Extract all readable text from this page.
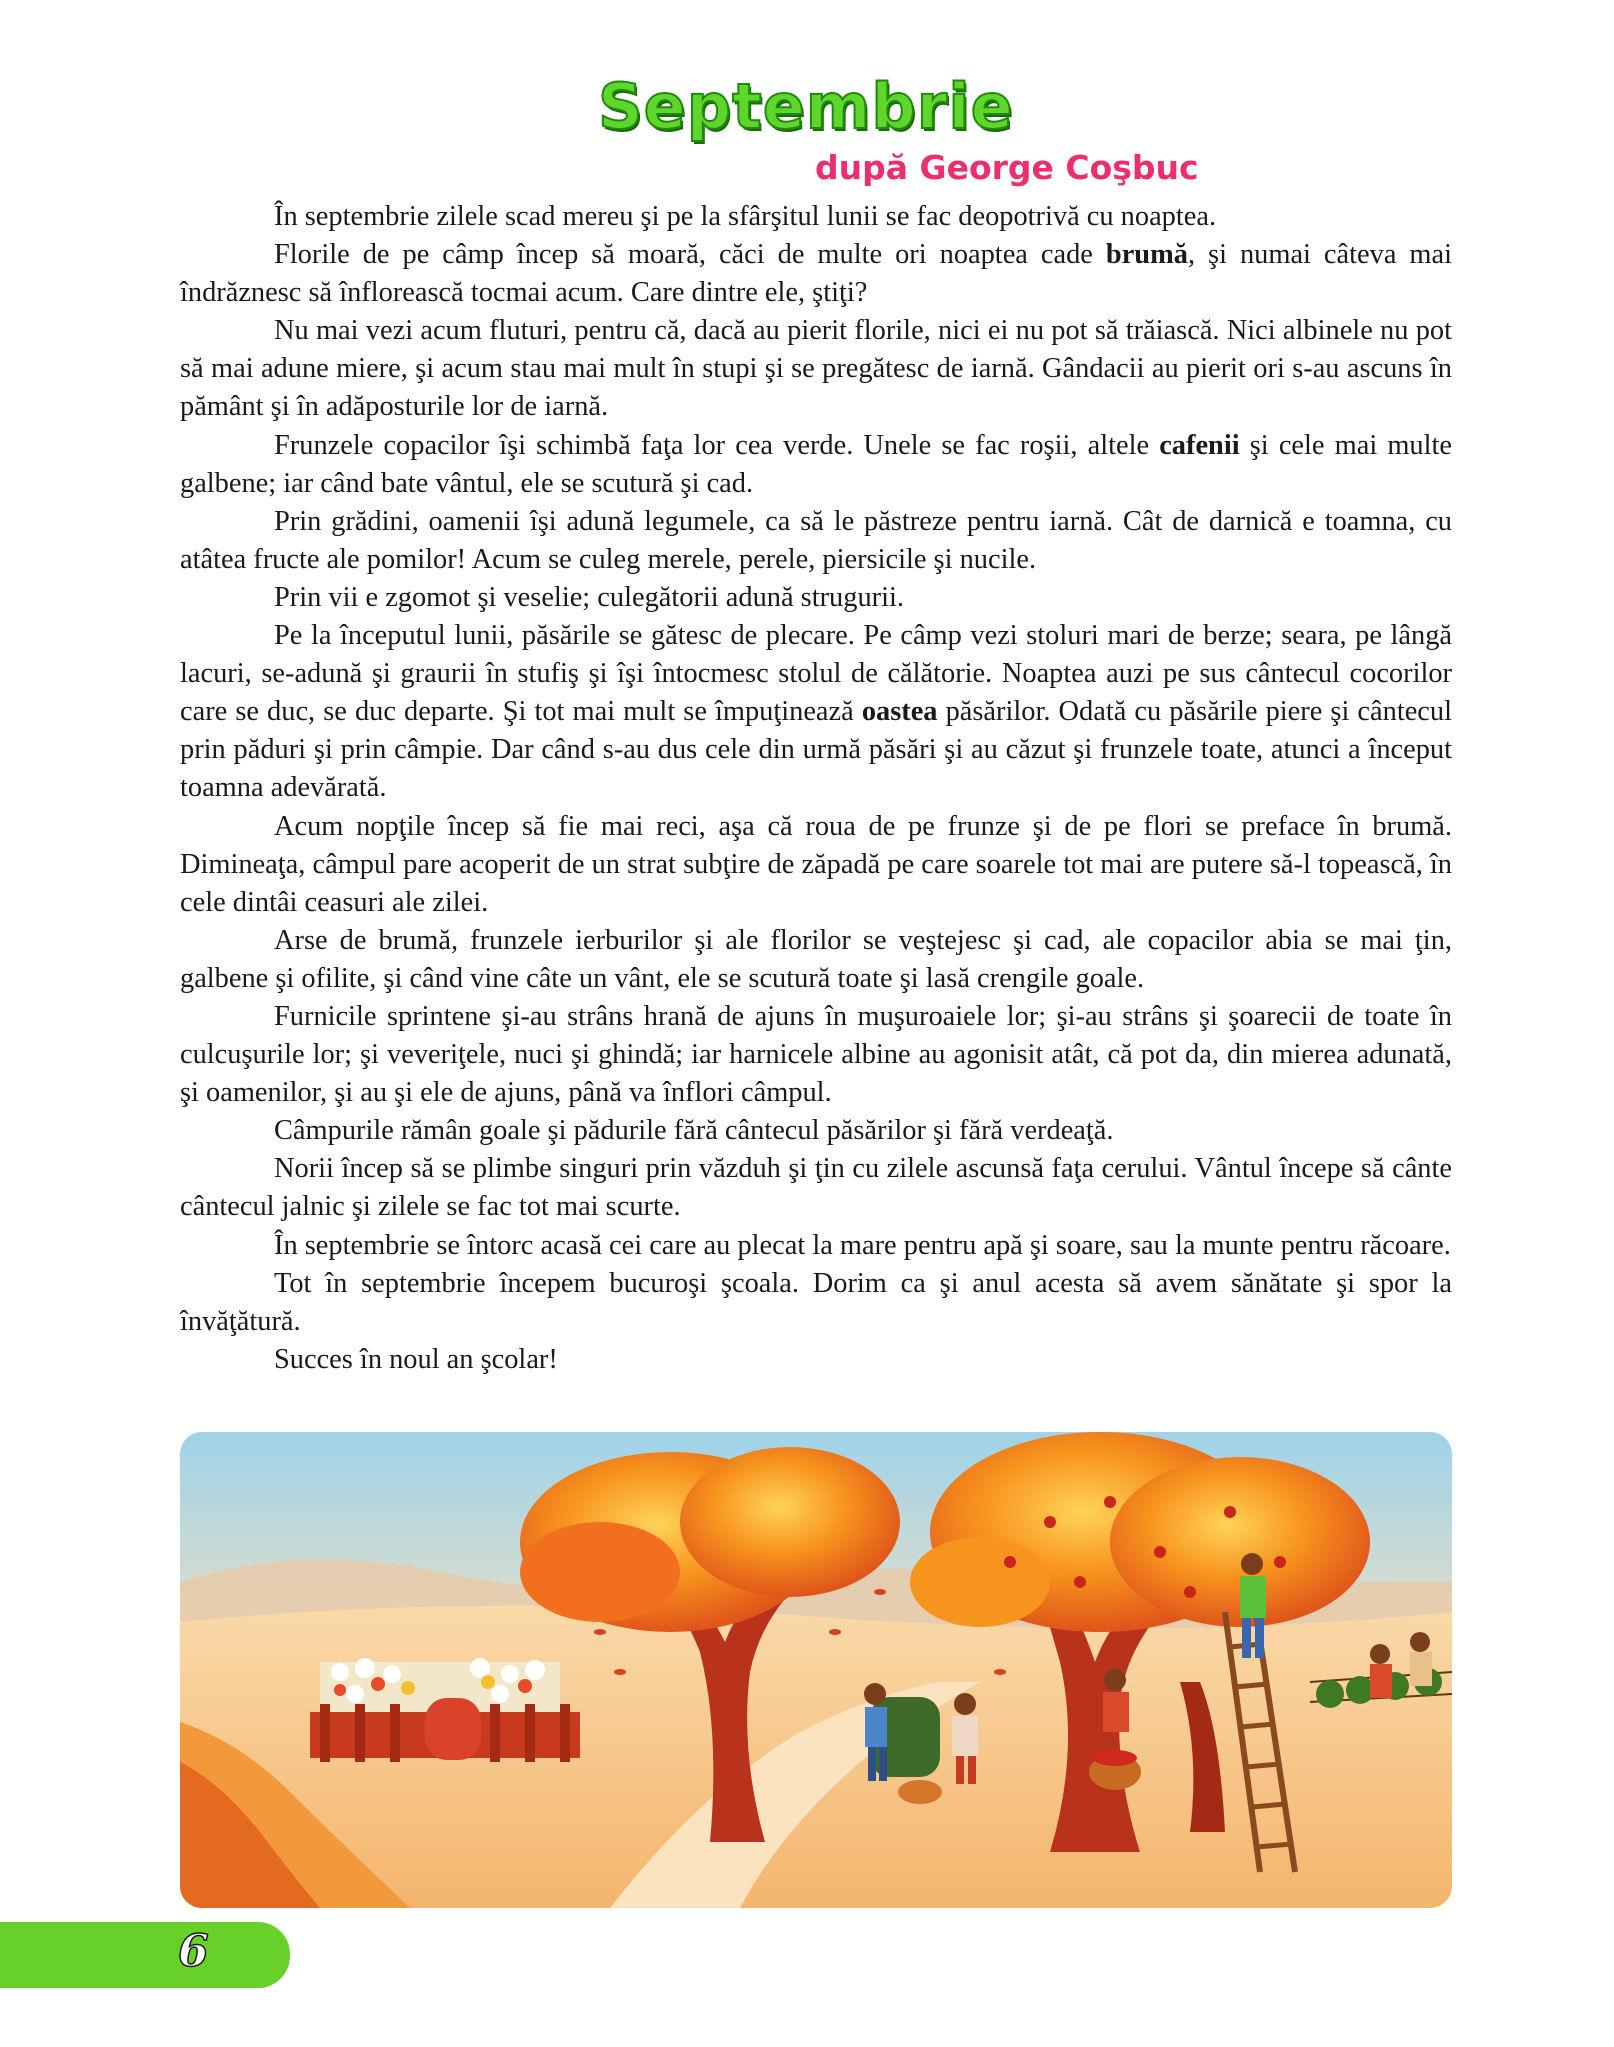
Septembrie
după George Coşbuc

În septembrie zilele scad mereu şi pe la sfârşitul lunii se fac deopotrivă cu noaptea.

Florile de pe câmp încep să moară, căci de multe ori noaptea cade brumă, şi numai câteva mai îndrăznesc să înflorească tocmai acum. Care dintre ele, ştiţi?

Nu mai vezi acum fluturi, pentru că, dacă au pierit florile, nici ei nu pot să trăiască. Nici albinele nu pot să mai adune miere, şi acum stau mai mult în stupi şi se pregătesc de iarnă. Gândacii au pierit ori s-au ascuns în pământ şi în adăposturile lor de iarnă.

Frunzele copacilor îşi schimbă faţa lor cea verde. Unele se fac roşii, altele cafenii şi cele mai multe galbene; iar când bate vântul, ele se scutură şi cad.

Prin grădini, oamenii îşi adună legumele, ca să le păstreze pentru iarnă. Cât de darnică e toamna, cu atâtea fructe ale pomilor! Acum se culeg merele, perele, piersicile şi nucile.

Prin vii e zgomot şi veselie; culegătorii adună strugurii.

Pe la începutul lunii, păsările se gătesc de plecare. Pe câmp vezi stoluri mari de berze; seara, pe lângă lacuri, se-adună şi graurii în stufiş şi îşi întocmesc stolul de călătorie. Noaptea auzi pe sus cântecul cocorilor care se duc, se duc departe. Şi tot mai mult se împuţinează oastea păsărilor. Odată cu păsările piere şi cântecul prin păduri şi prin câmpie. Dar când s-au dus cele din urmă păsări şi au căzut şi frunzele toate, atunci a început toamna adevărată.

Acum nopţile încep să fie mai reci, aşa că roua de pe frunze şi de pe flori se preface în brumă. Dimineaţa, câmpul pare acoperit de un strat subţire de zăpadă pe care soarele tot mai are putere să-l topească, în cele dintâi ceasuri ale zilei.

Arse de brumă, frunzele ierburilor şi ale florilor se veştejesc şi cad, ale copacilor abia se mai ţin, galbene şi ofilite, şi când vine câte un vânt, ele se scutură toate şi lasă crengile goale.

Furnicile sprintene şi-au strâns hrană de ajuns în muşuroaiele lor; şi-au strâns şi şoarecii de toate în culcuşurile lor; şi veveriţele, nuci şi ghindă; iar harnicele albine au agonisit atât, că pot da, din mierea adunată, şi oamenilor, şi au şi ele de ajuns, până va înflori câmpul.

Câmpurile rămân goale şi pădurile fără cântecul păsărilor şi fără verdeaţă.

Norii încep să se plimbe singuri prin văzduh şi ţin cu zilele ascunsă faţa cerului. Vântul începe să cânte cântecul jalnic şi zilele se fac tot mai scurte.

În septembrie se întorc acasă cei care au plecat la mare pentru apă şi soare, sau la munte pentru răcoare.

Tot în septembrie începem bucuroşi şcoala. Dorim ca şi anul acesta să avem sănătate şi spor la învăţătură.

Succes în noul an şcolar!

6
